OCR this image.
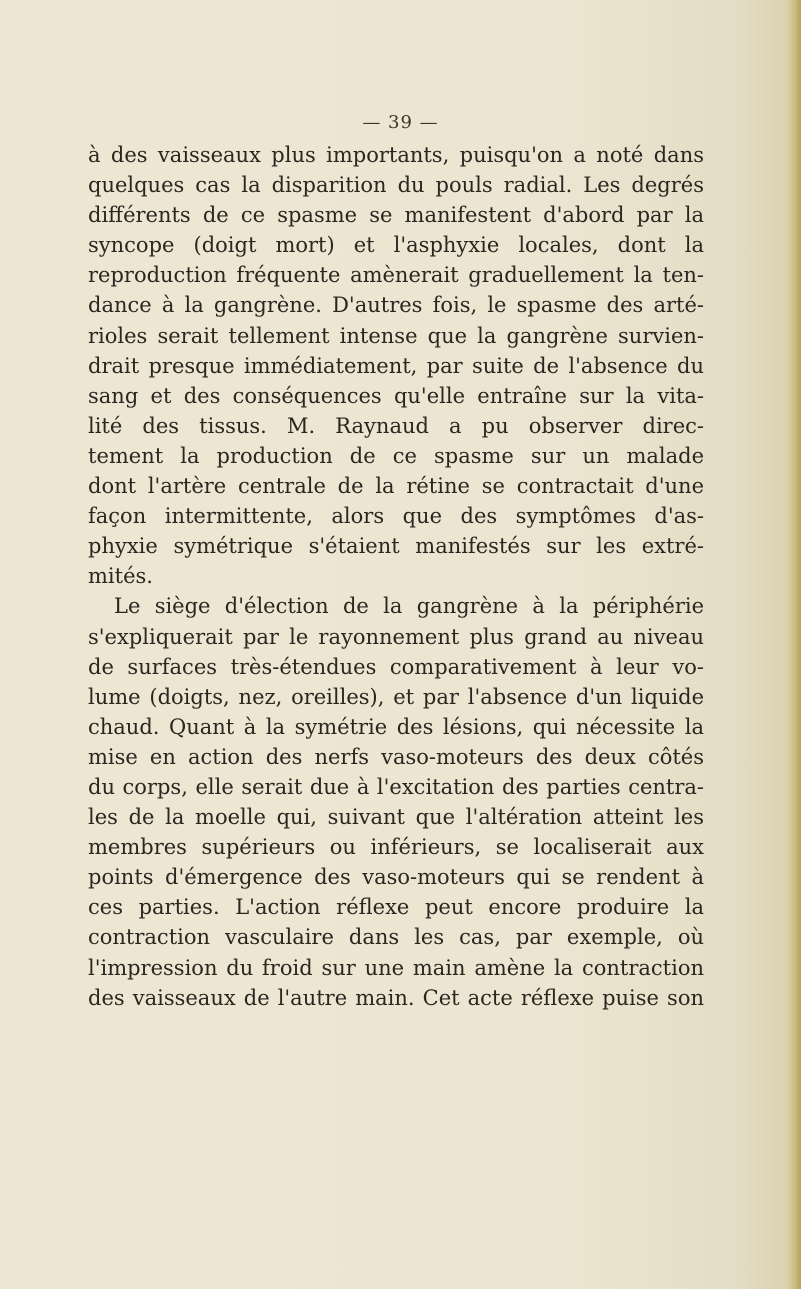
— 39 —
à des vaisseaux plus importants, puisqu'on a noté dans
quelques cas la disparition du pouls radial. Les degrés
différents de ce spasme se manifestent d'abord par la
syncope (doigt mort) et l'asphyxie locales, dont la
reproduction fréquente amènerait graduellement la ten-
dance à la gangrène. D'autres fois, le spasme des arté-
rioles serait tellement intense que la gangrène survien-
drait presque immédiatement, par suite de l'absence du
sang et des conséquences qu'elle entraîne sur la vita-
lité des tissus. M. Raynaud a pu observer direc-
tement la production de ce spasme sur un malade
dont l'artère centrale de la rétine se contractait d'une
façon intermittente, alors que des symptômes d'as-
phyxie symétrique s'étaient manifestés sur les extré-
mités.
Le siège d'élection de la gangrène à la périphérie
s'expliquerait par le rayonnement plus grand au niveau
de surfaces très-étendues comparativement à leur vo-
lume (doigts, nez, oreilles), et par l'absence d'un liquide
chaud. Quant à la symétrie des lésions, qui nécessite la
mise en action des nerfs vaso-moteurs des deux côtés
du corps, elle serait due à l'excitation des parties centra-
les de la moelle qui, suivant que l'altération atteint les
membres supérieurs ou inférieurs, se localiserait aux
points d'émergence des vaso-moteurs qui se rendent à
ces parties. L'action réflexe peut encore produire la
contraction vasculaire dans les cas, par exemple, où
l'impression du froid sur une main amène la contraction
des vaisseaux de l'autre main. Cet acte réflexe puise son
